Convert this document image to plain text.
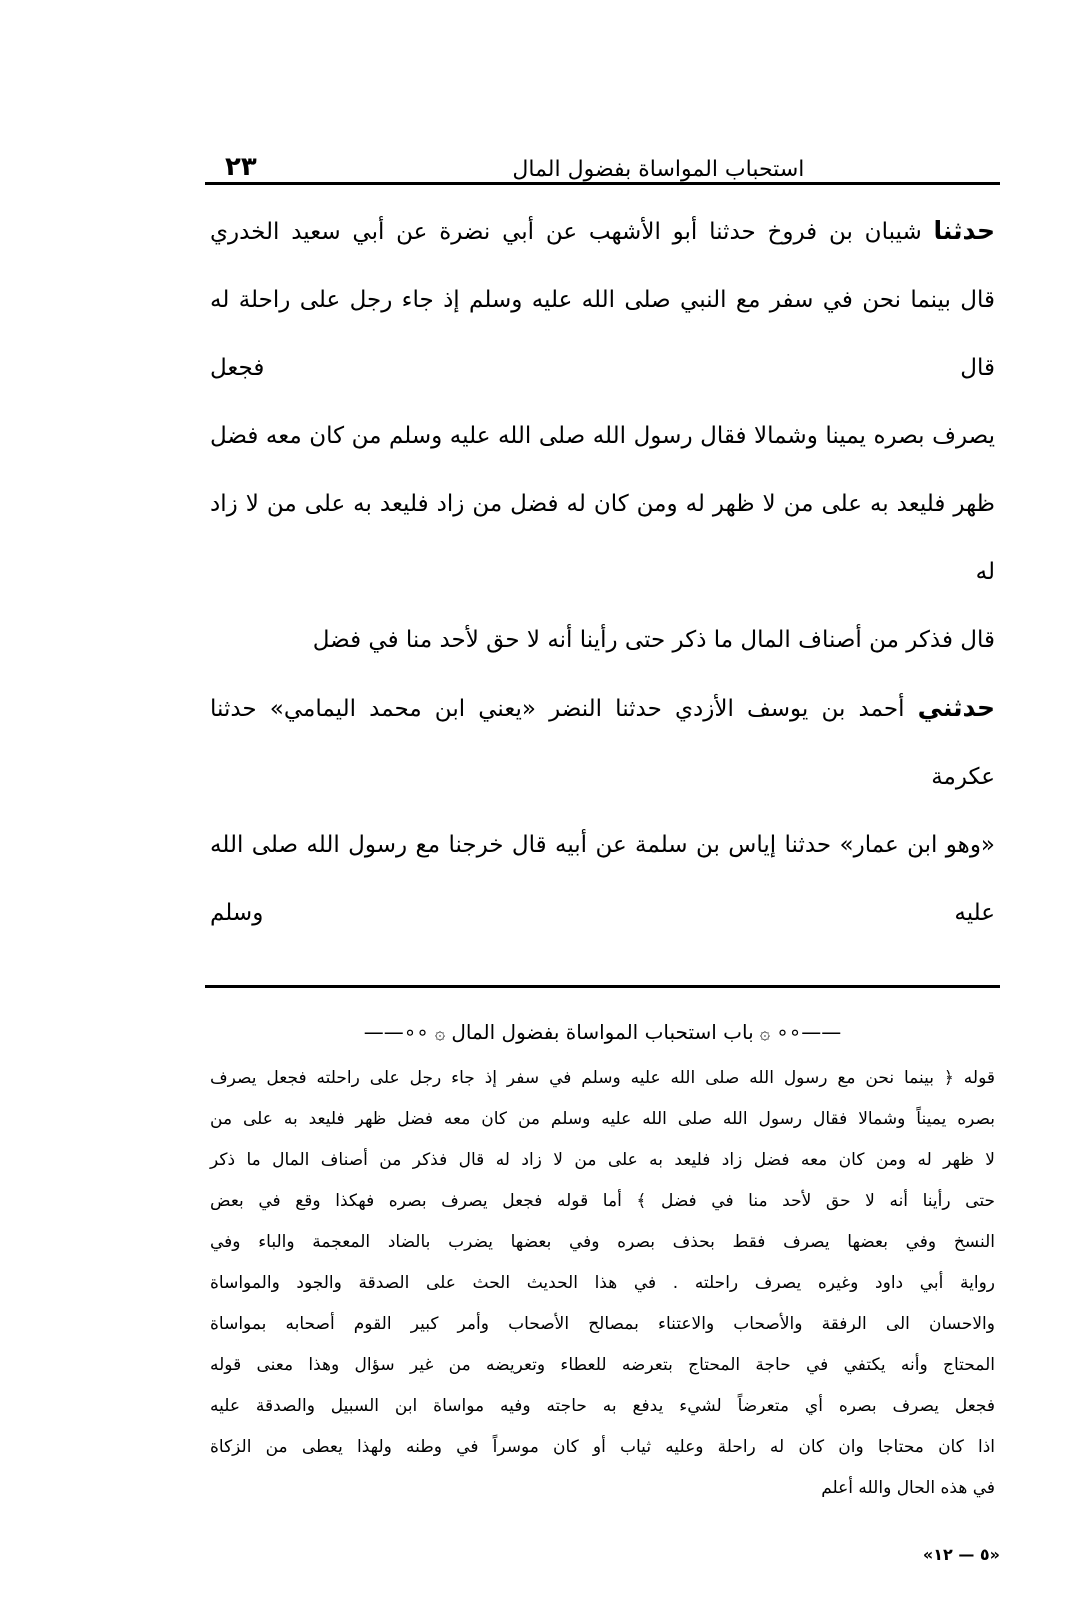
٢٣	استحباب المواساة بفضول المال
حدثنا شيبان بن فروخ حدثنا أبو الأشهب عن أبي نضرة عن أبي سعيد الخدري
قال بينما نحن في سفر مع النبي صلى الله عليه وسلم إذ جاء رجل على راحلة له قال فجعل
يصرف بصره يمينا وشمالا فقال رسول الله صلى الله عليه وسلم من كان معه فضل
ظهر فليعد به على من لا ظهر له ومن كان له فضل من زاد فليعد به على من لا زاد له
قال فذكر من أصناف المال ما ذكر حتى رأينا أنه لا حق لأحد منا في فضل
حدثني أحمد بن يوسف الأزدي حدثنا النضر «يعني ابن محمد اليمامي» حدثنا عكرمة
«وهو ابن عمار» حدثنا إياس بن سلمة عن أبيه قال خرجنا مع رسول الله صلى الله عليه وسلم
——∘∘۞باب استحباب المواساة بفضول المال۞∘∘——
قوله ﴿ بينما نحن مع رسول الله صلى الله عليه وسلم في سفر إذ جاء رجل على راحلته فجعل يصرف
بصره يميناً وشمالا فقال رسول الله صلى الله عليه وسلم من كان معه فضل ظهر فليعد به على من
لا ظهر له ومن كان معه فضل زاد فليعد به على من لا زاد له قال فذكر من أصناف المال ما ذكر
حتى رأينا أنه لا حق لأحد منا في فضل ﴾ أما قوله فجعل يصرف بصره فهكذا وقع في بعض
النسخ وفي بعضها يصرف فقط بحذف بصره وفي بعضها يضرب بالضاد المعجمة والباء وفي
رواية أبي داود وغيره يصرف راحلته . في هذا الحديث الحث على الصدقة والجود والمواساة
والاحسان الى الرفقة والأصحاب والاعتناء بمصالح الأصحاب وأمر كبير القوم أصحابه بمواساة
المحتاج وأنه يكتفي في حاجة المحتاج بتعرضه للعطاء وتعريضه من غير سؤال وهذا معنى قوله
فجعل يصرف بصره أي متعرضاً لشيء يدفع به حاجته وفيه مواساة ابن السبيل والصدقة عليه
اذا كان محتاجا وان كان له راحلة وعليه ثياب أو كان موسراً في وطنه ولهذا يعطى من الزكاة
في هذه الحال والله أعلم
«٥ — ١٢»
